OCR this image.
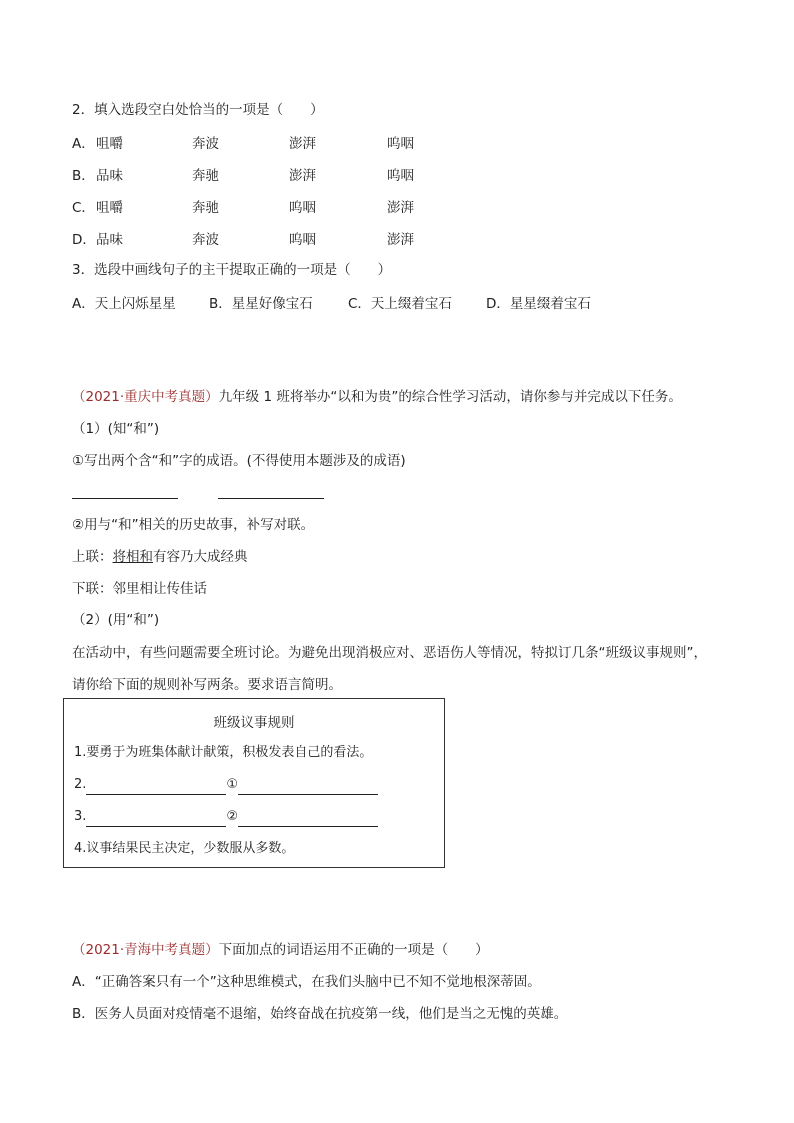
2．填入选段空白处恰当的一项是（　　）
A． 咀嚼	奔波	澎湃	呜咽
B． 品味	奔驰	澎湃	呜咽
C． 咀嚼	奔驰	呜咽	澎湃
D． 品味	奔波	呜咽	澎湃
3．选段中画线句子的主干提取正确的一项是（　　）
A．天上闪烁星星 B．星星好像宝石	C．天上缀着宝石	D．星星缀着宝石
（2021·重庆中考真题）九年级 1 班将举办“以和为贵”的综合性学习活动，请你参与并完成以下任务。
（1）(知“和”)
①写出两个含“和”字的成语。(不得使用本题涉及的成语)
②用与“和”相关的历史故事，补写对联。
上联：将相和有容乃大成经典
下联：邻里相让传佳话
（2）(用“和”)
在活动中，有些问题需要全班讨论。为避免出现消极应对、恶语伤人等情况，特拟订几条“班级议事规则”，
请你给下面的规则补写两条。要求语言简明。
班级议事规则
1.要勇于为班集体献计献策，积极发表自己的看法。
2.	①
3.	②
4.议事结果民主决定，少数服从多数。
（2021·青海中考真题）下面加点的词语运用不正确的一项是（　　）
A．“正确答案只有一个”这种思维模式，在我们头脑中已不知不觉地根深蒂固。
B．医务人员面对疫情毫不退缩，始终奋战在抗疫第一线，他们是当之无愧的英雄。
